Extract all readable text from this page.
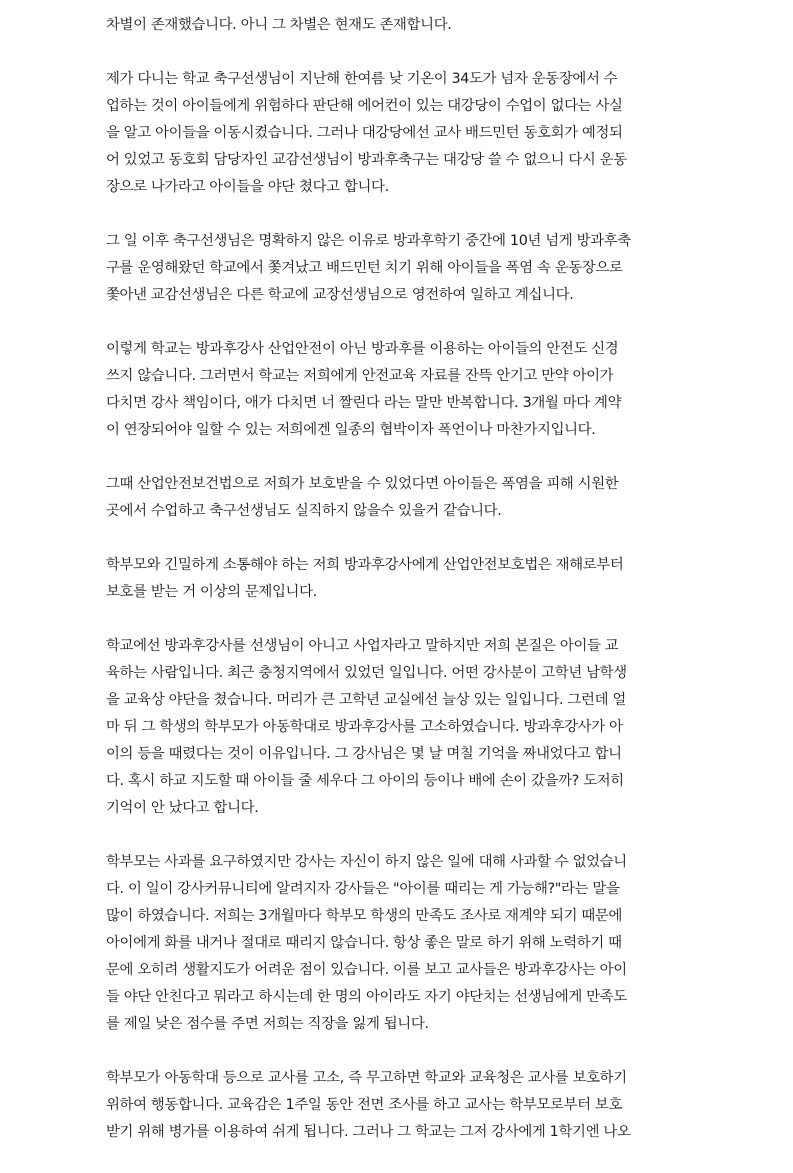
차별이 존재했습니다. 아니 그 차별은 현재도 존재합니다.
제가 다니는 학교 축구선생님이 지난해 한여름 낮 기온이 34도가 넘자 운동장에서 수
업하는 것이 아이들에게 위험하다 판단해 에어컨이 있는 대강당이 수업이 없다는 사실
을 알고 아이들을 이동시켰습니다. 그러나 대강당에선 교사 배드민턴 동호회가 예정되
어 있었고 동호회 담당자인 교감선생님이 방과후축구는 대강당 쓸 수 없으니 다시 운동
장으로 나가라고 아이들을 야단 쳤다고 합니다.
그 일 이후 축구선생님은 명확하지 않은 이유로 방과후학기 중간에 10년 넘게 방과후축
구를 운영해왔던 학교에서 쫓겨났고 배드민턴 치기 위해 아이들을 폭염 속 운동장으로
쫓아낸 교감선생님은 다른 학교에 교장선생님으로 영전하여 일하고 계십니다.
이렇게 학교는 방과후강사 산업안전이 아닌 방과후를 이용하는 아이들의 안전도 신경
쓰지 않습니다. 그러면서 학교는 저희에게 안전교육 자료를 잔뜩 안기고 만약 아이가
다치면 강사 책임이다, 애가 다치면 너 짤린다 라는 말만 반복합니다. 3개월 마다 계약
이 연장되어야 일할 수 있는 저희에겐 일종의 협박이자 폭언이나 마찬가지입니다.
그때 산업안전보건법으로 저희가 보호받을 수 있었다면 아이들은 폭염을 피해 시원한
곳에서 수업하고 축구선생님도 실직하지 않을수 있을거 같습니다.
학부모와 긴밀하게 소통해야 하는 저희 방과후강사에게 산업안전보호법은 재해로부터
보호를 받는 거 이상의 문제입니다.
학교에선 방과후강사를 선생님이 아니고 사업자라고 말하지만 저희 본질은 아이들 교
육하는 사람입니다. 최근 충청지역에서 있었던 일입니다. 어떤 강사분이 고학년 남학생
을 교육상 야단을 쳤습니다. 머리가 큰 고학년 교실에선 늘상 있는 일입니다. 그런데 얼
마 뒤 그 학생의 학부모가 아동학대로 방과후강사를 고소하였습니다. 방과후강사가 아
이의 등을 때렸다는 것이 이유입니다. 그 강사님은 몇 날 며칠 기억을 짜내었다고 합니
다. 혹시 하교 지도할 때 아이들 줄 세우다 그 아이의 등이나 배에 손이 갔을까? 도저히
기억이 안 났다고 합니다.
학부모는 사과를 요구하였지만 강사는 자신이 하지 않은 일에 대해 사과할 수 없었습니
다. 이 일이 강사커뮤니티에 알려지자 강사들은 "아이를 때리는 게 가능해?"라는 말을
많이 하였습니다. 저희는 3개월마다 학부모 학생의 만족도 조사로 재계약 되기 때문에
아이에게 화를 내거나 절대로 때리지 않습니다. 항상 좋은 말로 하기 위해 노력하기 때
문에 오히려 생활지도가 어려운 점이 있습니다. 이를 보고 교사들은 방과후강사는 아이
들 야단 안친다고 뭐라고 하시는데 한 명의 아이라도 자기 야단치는 선생님에게 만족도
를 제일 낮은 점수를 주면 저희는 직장을 잃게 됩니다.
학부모가 아동학대 등으로 교사를 고소, 즉 무고하면 학교와 교육청은 교사를 보호하기
위하여 행동합니다. 교육감은 1주일 동안 전면 조사를 하고 교사는 학부모로부터 보호
받기 위해 병가를 이용하여 쉬게 됩니다. 그러나 그 학교는 그저 강사에게 1학기엔 나오
